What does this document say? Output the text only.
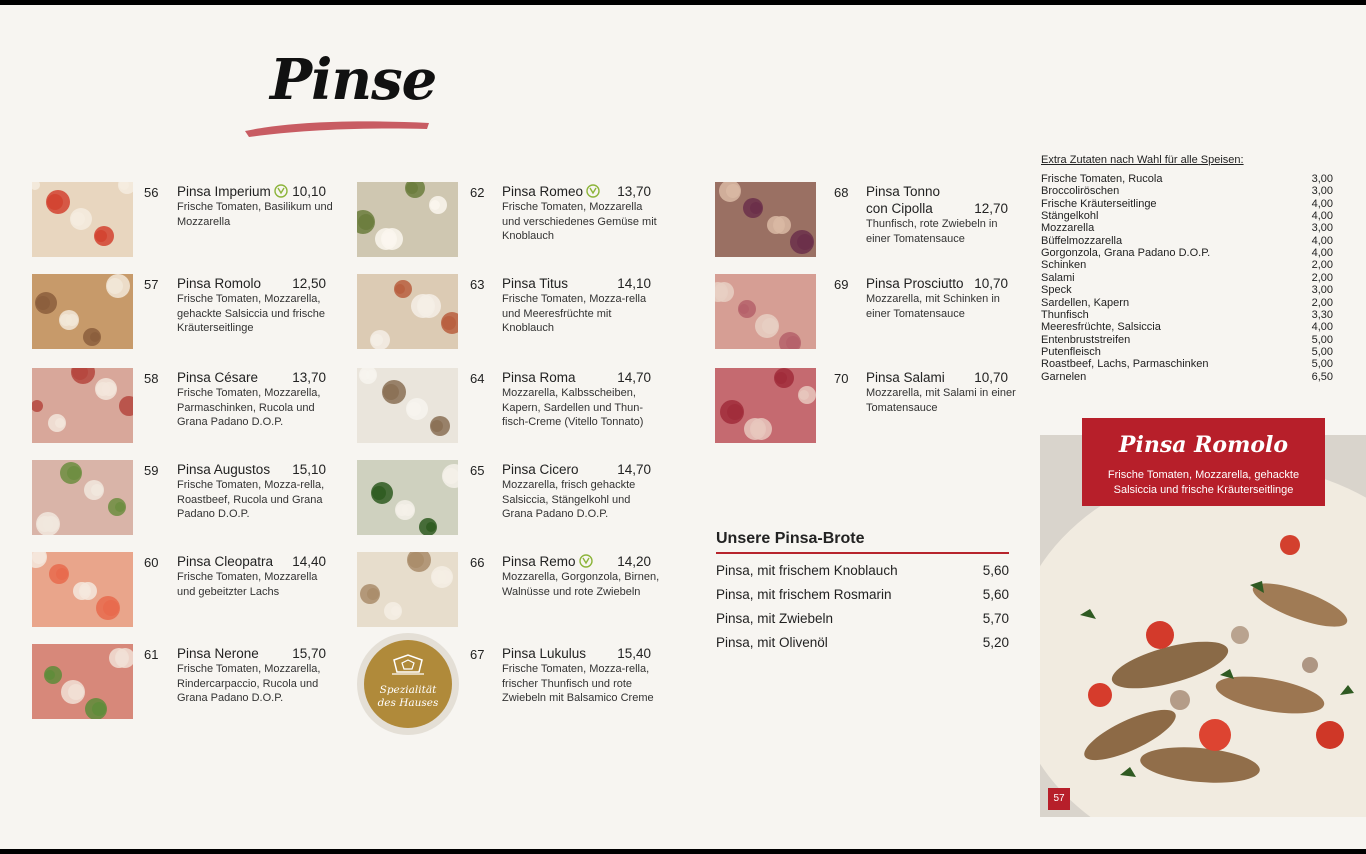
Pinse
56 Pinsa Imperium	10,10
Frische Tomaten, Basilikum und Mozzarella
57 Pinsa Romolo	12,50
Frische Tomaten, Mozzarella, gehackte Salsiccia und frische Kräuterseitlinge
58 Pinsa Césare	13,70
Frische Tomaten, Mozzarella, Parmaschinken, Rucola und Grana Padano D.O.P.
59 Pinsa Augustos	15,10
Frische Tomaten, Mozza-rella, Roastbeef, Rucola und Grana Padano D.O.P.
60 Pinsa Cleopatra	14,40
Frische Tomaten, Mozzarella und gebeitzter Lachs
61 Pinsa Nerone	15,70
Frische Tomaten, Mozzarella, Rindercarpaccio, Rucola und Grana Padano D.O.P.
62 Pinsa Romeo	13,70
Frische Tomaten, Mozzarella und verschiedenes Gemüse mit Knoblauch
63 Pinsa Titus	14,10
Frische Tomaten, Mozza-rella und Meeresfrüchte mit Knoblauch
64 Pinsa Roma	14,70
Mozzarella, Kalbsscheiben, Kapern, Sardellen und Thun-fisch-Creme (Vitello Tonnato)
65 Pinsa Cicero	14,70
Mozzarella, frisch gehackte Salsiccia, Stängelkohl und Grana Padano D.O.P.
66 Pinsa Remo	14,20
Mozzarella, Gorgonzola, Birnen, Walnüsse und rote Zwiebeln
67 Pinsa Lukulus	15,40
Frische Tomaten, Mozza-rella, frischer Thunfisch und rote Zwiebeln mit Balsamico Creme
68 Pinsa Tonno
con Cipolla	12,70
Thunfisch, rote Zwiebeln in einer Tomatensauce
69 Pinsa Prosciutto 10,70
Mozzarella, mit Schinken in einer Tomatensauce
70 Pinsa Salami	10,70
Mozzarella, mit Salami in einer Tomatensauce
Spezialität
des Hauses
Unsere Pinsa-Brote
Pinsa, mit frischem Knoblauch	5,60
Pinsa, mit frischem Rosmarin	5,60
Pinsa, mit Zwiebeln	5,70
Pinsa, mit Olivenöl	5,20
Extra Zutaten nach Wahl für alle Speisen:
Frische Tomaten, Rucola	3,00
Broccoliröschen	3,00
Frische Kräuterseitlinge	4,00
Stängelkohl	4,00
Mozzarella	3,00
Büffelmozzarella	4,00
Gorgonzola, Grana Padano D.O.P.	4,00
Schinken	2,00
Salami	2,00
Speck	3,00
Sardellen, Kapern	2,00
Thunfisch	3,30
Meeresfrüchte, Salsiccia	4,00
Entenbruststreifen	5,00
Putenfleisch	5,00
Roastbeef, Lachs, Parmaschinken	5,00
Garnelen	6,50
Pinsa Romolo
Frische Tomaten, Mozzarella, gehackte
Salsiccia und frische Kräuterseitlinge
57
